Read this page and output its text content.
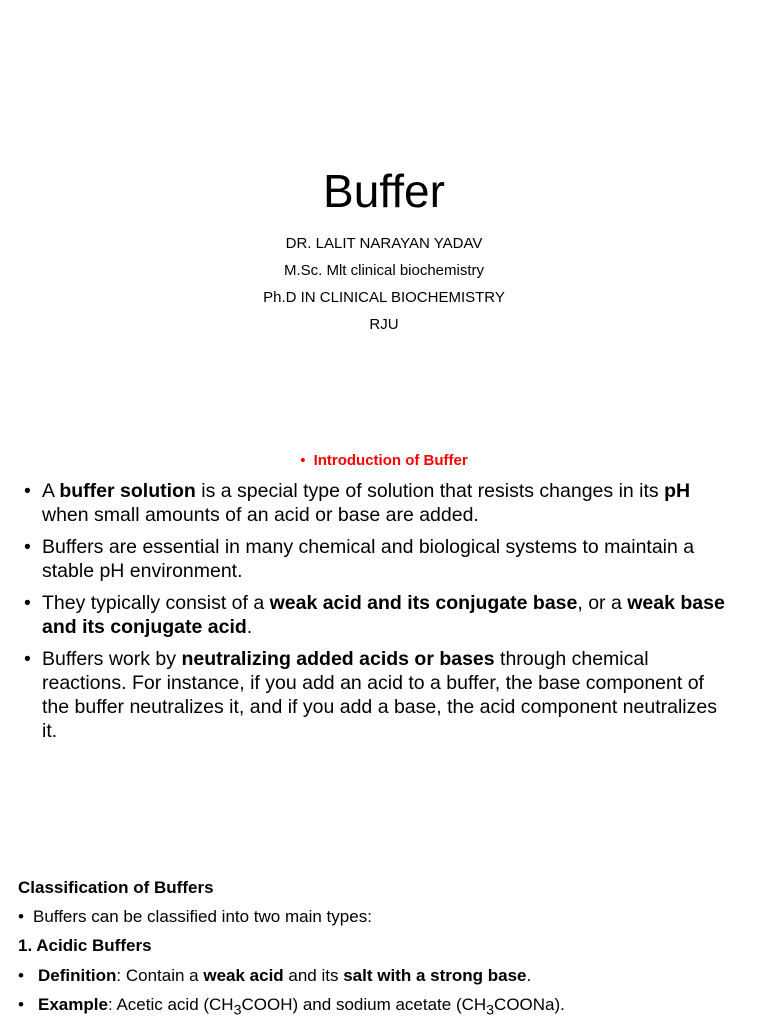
Buffer
DR. LALIT NARAYAN YADAV
M.Sc. Mlt clinical biochemistry
Ph.D IN CLINICAL BIOCHEMISTRY
RJU
• Introduction of Buffer
• A buffer solution is a special type of solution that resists changes in its pH when small amounts of an acid or base are added.
• Buffers are essential in many chemical and biological systems to maintain a stable pH environment.
• They typically consist of a weak acid and its conjugate base, or a weak base and its conjugate acid.
• Buffers work by neutralizing added acids or bases through chemical reactions. For instance, if you add an acid to a buffer, the base component of the buffer neutralizes it, and if you add a base, the acid component neutralizes it.
Classification of Buffers
• Buffers can be classified into two main types:
1. Acidic Buffers
• Definition: Contain a weak acid and its salt with a strong base.
• Example: Acetic acid $(CH_3COOH)$ and sodium acetate $(CH_3COONa)$.
